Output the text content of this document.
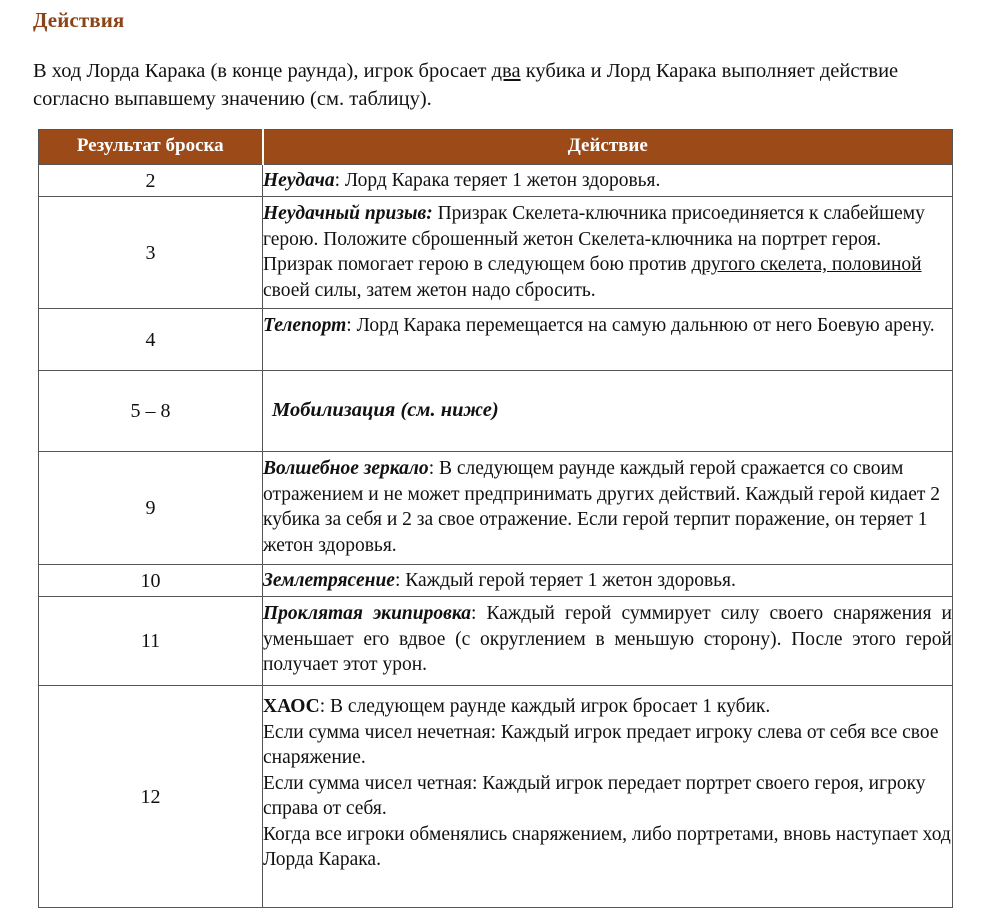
Действия

В ход Лорда Карака (в конце раунда), игрок бросает два кубика и Лорд Карака выполняет действие согласно выпавшему значению (см. таблицу).

Результат броска	Действие

2	Неудача: Лорд Карака теряет 1 жетон здоровья.
3	Неудачный призыв: Призрак Скелета-ключника присоединяется к слабейшему герою. Положите сброшенный жетон Скелета-ключника на портрет героя. Призрак помогает герою в следующем бою против другого скелета, половиной своей силы, затем жетон надо сбросить.
4	Телепорт: Лорд Карака перемещается на самую дальнюю от него Боевую арену.
5 – 8	Мобилизация (см. ниже)
9	Волшебное зеркало: В следующем раунде каждый герой сражается со своим отражением и не может предпринимать других действий. Каждый герой кидает 2 кубика за себя и 2 за свое отражение. Если герой терпит поражение, он теряет 1 жетон здоровья.
10	Землетрясение: Каждый герой теряет 1 жетон здоровья.
11	Проклятая экипировка: Каждый герой суммирует силу своего снаряжения и уменьшает его вдвое (с округлением в меньшую сторону). После этого герой получает этот урон.
12	ХАОС: В следующем раунде каждый игрок бросает 1 кубик.
Если сумма чисел нечетная: Каждый игрок предает игроку слева от себя все свое снаряжение.
Если сумма чисел четная: Каждый игрок передает портрет своего героя, игроку справа от себя.
Когда все игроки обменялись снаряжением, либо портретами, вновь наступает ход Лорда Карака.
